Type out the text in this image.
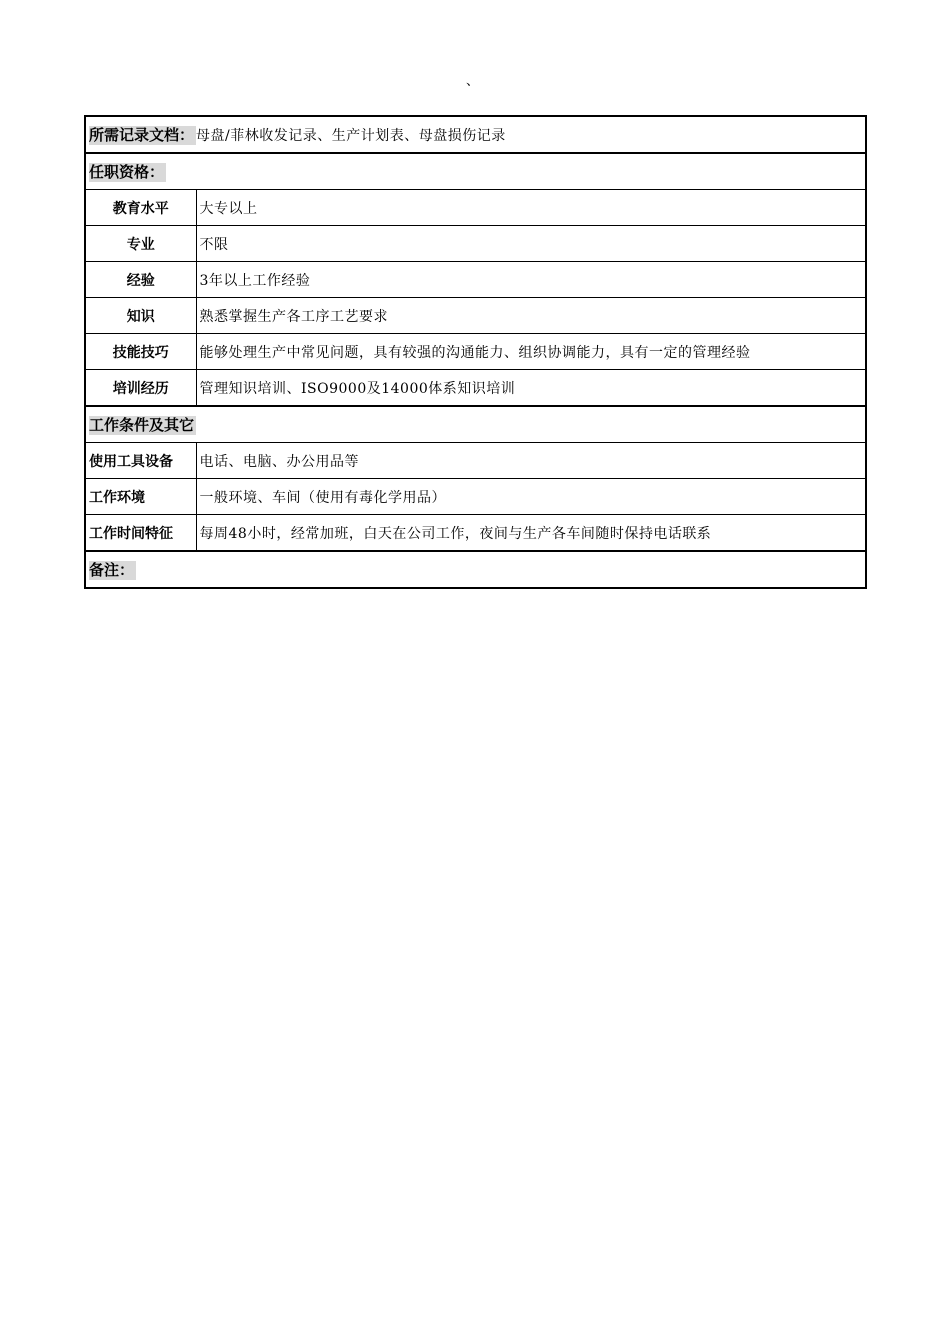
、
所需记录文档： 母盘/菲林收发记录、生产计划表、母盘损伤记录	
任职资格：	
教育水平	大专以上
专业	不限
经验	3年以上工作经验
知识	熟悉掌握生产各工序工艺要求
技能技巧	能够处理生产中常见问题，具有较强的沟通能力、组织协调能力，具有一定的管理经验
培训经历	管理知识培训、ISO9000及14000体系知识培训
工作条件及其它	
使用工具设备	电话、电脑、办公用品等
工作环境	一般环境、车间（使用有毒化学用品）
工作时间特征	每周48小时，经常加班，白天在公司工作，夜间与生产各车间随时保持电话联系
备注：	
